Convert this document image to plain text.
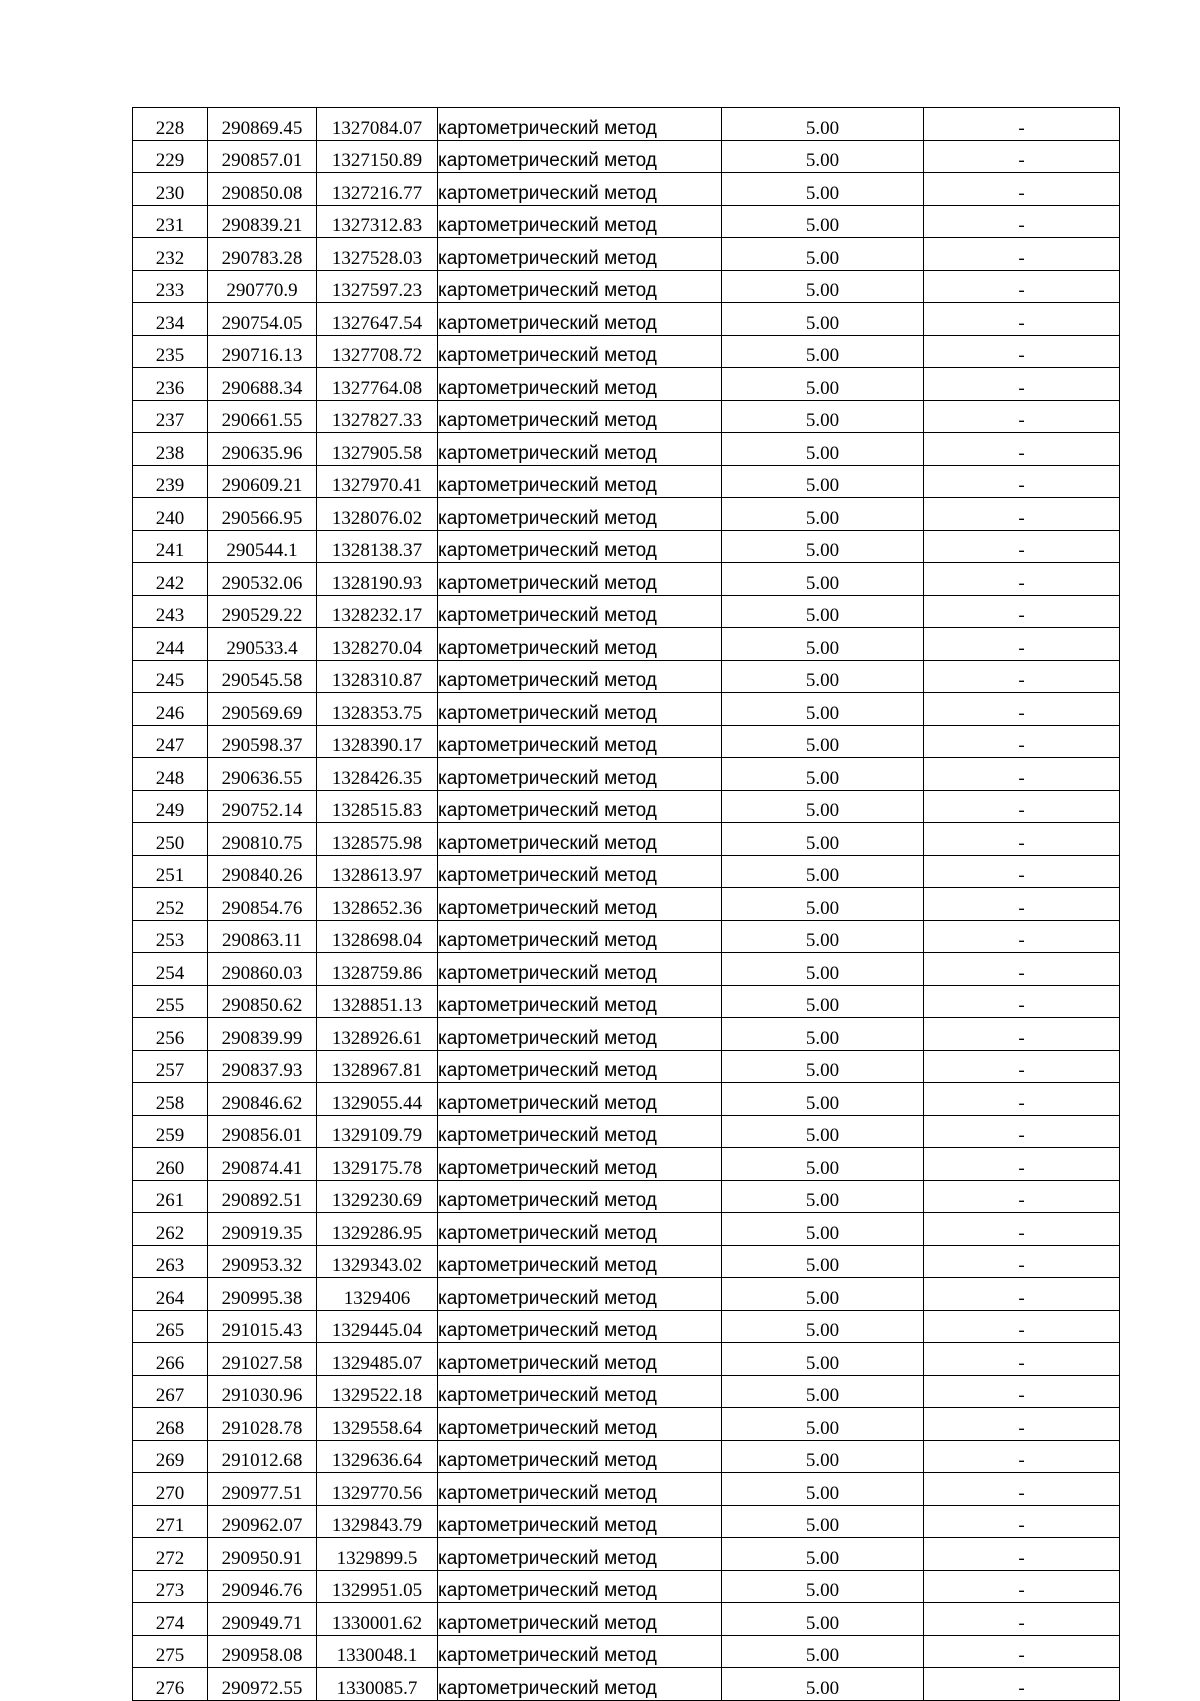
228	290869.45	1327084.07	картометрический метод	5.00	-
229	290857.01	1327150.89	картометрический метод	5.00	-
230	290850.08	1327216.77	картометрический метод	5.00	-
231	290839.21	1327312.83	картометрический метод	5.00	-
232	290783.28	1327528.03	картометрический метод	5.00	-
233	290770.9	1327597.23	картометрический метод	5.00	-
234	290754.05	1327647.54	картометрический метод	5.00	-
235	290716.13	1327708.72	картометрический метод	5.00	-
236	290688.34	1327764.08	картометрический метод	5.00	-
237	290661.55	1327827.33	картометрический метод	5.00	-
238	290635.96	1327905.58	картометрический метод	5.00	-
239	290609.21	1327970.41	картометрический метод	5.00	-
240	290566.95	1328076.02	картометрический метод	5.00	-
241	290544.1	1328138.37	картометрический метод	5.00	-
242	290532.06	1328190.93	картометрический метод	5.00	-
243	290529.22	1328232.17	картометрический метод	5.00	-
244	290533.4	1328270.04	картометрический метод	5.00	-
245	290545.58	1328310.87	картометрический метод	5.00	-
246	290569.69	1328353.75	картометрический метод	5.00	-
247	290598.37	1328390.17	картометрический метод	5.00	-
248	290636.55	1328426.35	картометрический метод	5.00	-
249	290752.14	1328515.83	картометрический метод	5.00	-
250	290810.75	1328575.98	картометрический метод	5.00	-
251	290840.26	1328613.97	картометрический метод	5.00	-
252	290854.76	1328652.36	картометрический метод	5.00	-
253	290863.11	1328698.04	картометрический метод	5.00	-
254	290860.03	1328759.86	картометрический метод	5.00	-
255	290850.62	1328851.13	картометрический метод	5.00	-
256	290839.99	1328926.61	картометрический метод	5.00	-
257	290837.93	1328967.81	картометрический метод	5.00	-
258	290846.62	1329055.44	картометрический метод	5.00	-
259	290856.01	1329109.79	картометрический метод	5.00	-
260	290874.41	1329175.78	картометрический метод	5.00	-
261	290892.51	1329230.69	картометрический метод	5.00	-
262	290919.35	1329286.95	картометрический метод	5.00	-
263	290953.32	1329343.02	картометрический метод	5.00	-
264	290995.38	1329406	картометрический метод	5.00	-
265	291015.43	1329445.04	картометрический метод	5.00	-
266	291027.58	1329485.07	картометрический метод	5.00	-
267	291030.96	1329522.18	картометрический метод	5.00	-
268	291028.78	1329558.64	картометрический метод	5.00	-
269	291012.68	1329636.64	картометрический метод	5.00	-
270	290977.51	1329770.56	картометрический метод	5.00	-
271	290962.07	1329843.79	картометрический метод	5.00	-
272	290950.91	1329899.5	картометрический метод	5.00	-
273	290946.76	1329951.05	картометрический метод	5.00	-
274	290949.71	1330001.62	картометрический метод	5.00	-
275	290958.08	1330048.1	картометрический метод	5.00	-
276	290972.55	1330085.7	картометрический метод	5.00	-
